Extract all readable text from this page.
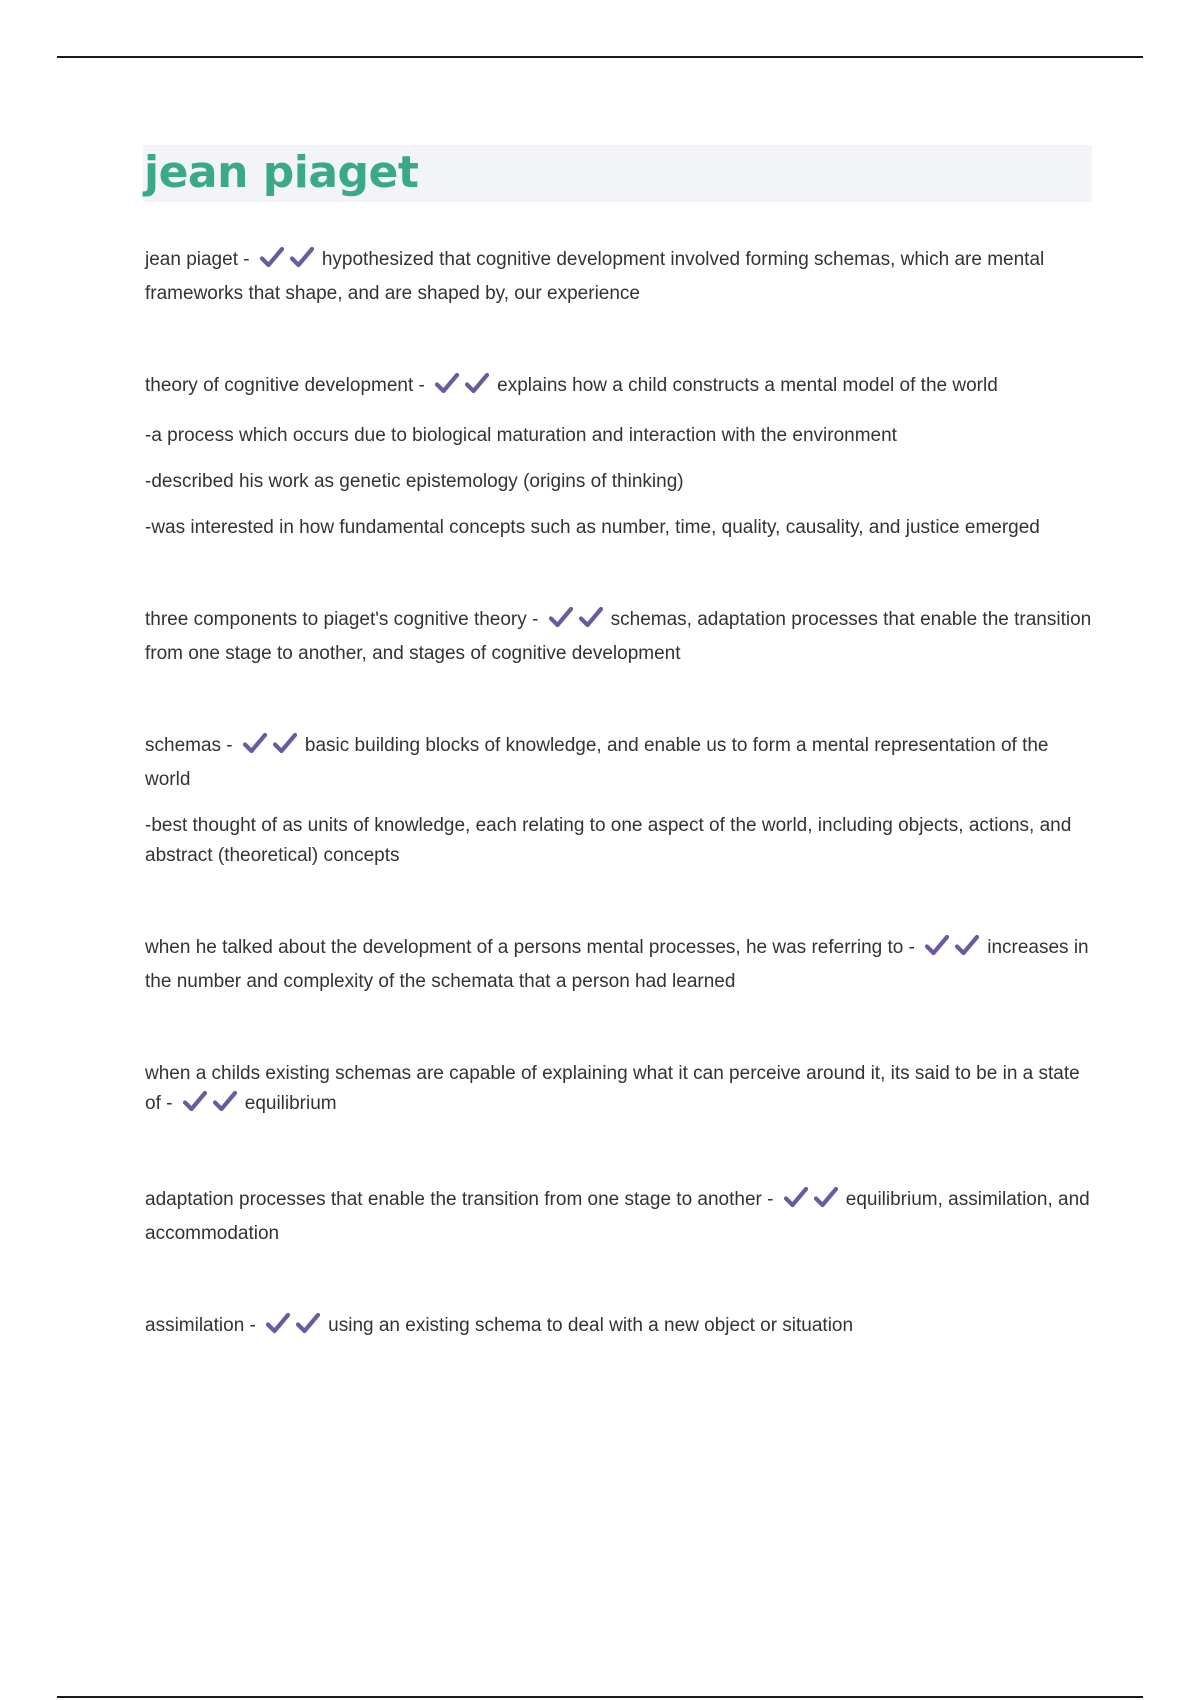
jean piaget

jean piaget -	hypothesized that cognitive development involved forming schemas, which are mental frameworks that shape, and are shaped by, our experience

theory of cognitive development -	explains how a child constructs a mental model of the world

-a process which occurs due to biological maturation and interaction with the environment

-described his work as genetic epistemology (origins of thinking)

-was interested in how fundamental concepts such as number, time, quality, causality, and justice emerged

three components to piaget's cognitive theory -	schemas, adaptation processes that enable the transition from one stage to another, and stages of cognitive development

schemas -	basic building blocks of knowledge, and enable us to form a mental representation of the world

-best thought of as units of knowledge, each relating to one aspect of the world, including objects, actions, and abstract (theoretical) concepts

when he talked about the development of a persons mental processes, he was referring to -	increases in the number and complexity of the schemata that a person had learned

when a childs existing schemas are capable of explaining what it can perceive around it, its said to be in a state of -	equilibrium

adaptation processes that enable the transition from one stage to another -	equilibrium, assimilation, and accommodation

assimilation -	using an existing schema to deal with a new object or situation
